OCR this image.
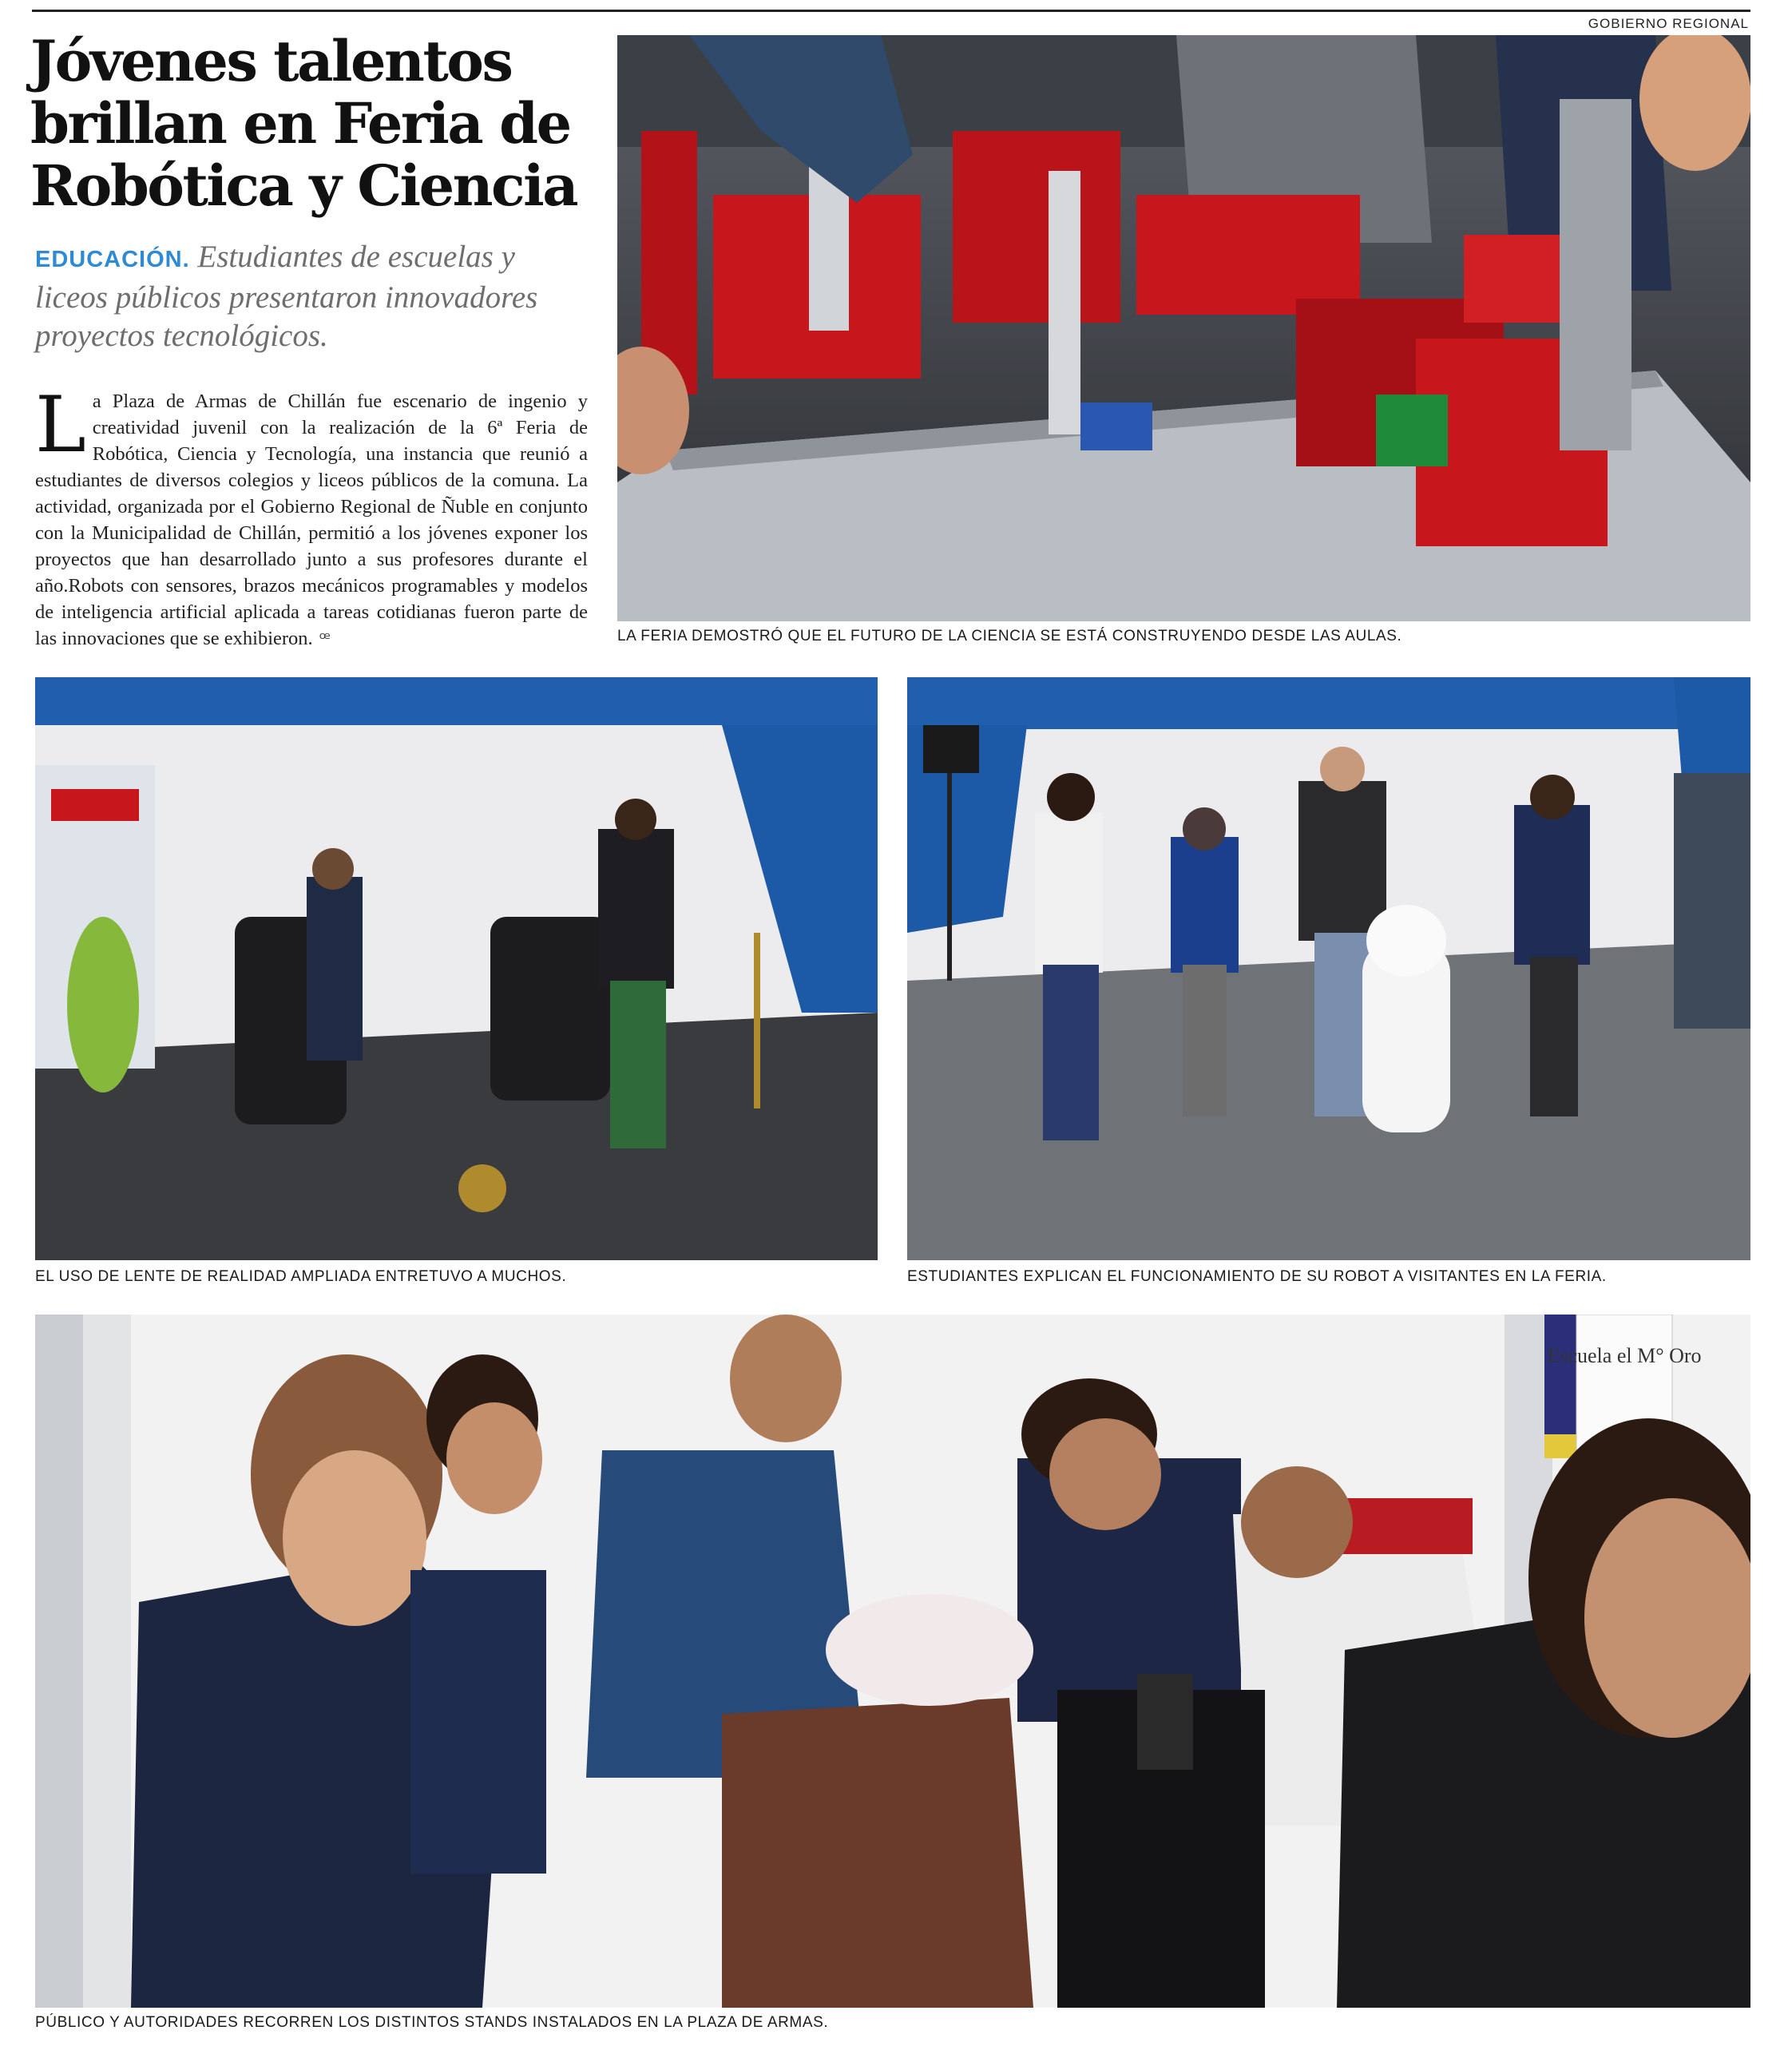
GOBIERNO REGIONAL
Jóvenes talentos brillan en Feria de Robótica y Ciencia

EDUCACIÓN. Estudiantes de escuelas y liceos públicos presentaron innovadores proyectos tecnológicos.

La Plaza de Armas de Chillán fue escenario de ingenio y creatividad juvenil con la realización de la 6ª Feria de Robótica, Ciencia y Tecnología, una instancia que reunió a estudiantes de diversos colegios y liceos públicos de la comuna. La actividad, organizada por el Gobierno Regional de Ñuble en conjunto con la Municipalidad de Chillán, permitió a los jóvenes exponer los proyectos que han desarrollado junto a sus profesores durante el año.Robots con sensores, brazos mecánicos programables y modelos de inteligencia artificial aplicada a tareas cotidianas fueron parte de las innovaciones que se exhibieron. ꟹ	LA FERIA DEMOSTRÓ QUE EL FUTURO DE LA CIENCIA SE ESTÁ CONSTRUYENDO DESDE LAS AULAS.
EL USO DE LENTE DE REALIDAD AMPLIADA ENTRETUVO A MUCHOS.	ESTUDIANTES EXPLICAN EL FUNCIONAMIENTO DE SU ROBOT A VISITANTES EN LA FERIA.
Escuela el M° Oro
PÚBLICO Y AUTORIDADES RECORREN LOS DISTINTOS STANDS INSTALADOS EN LA PLAZA DE ARMAS.
